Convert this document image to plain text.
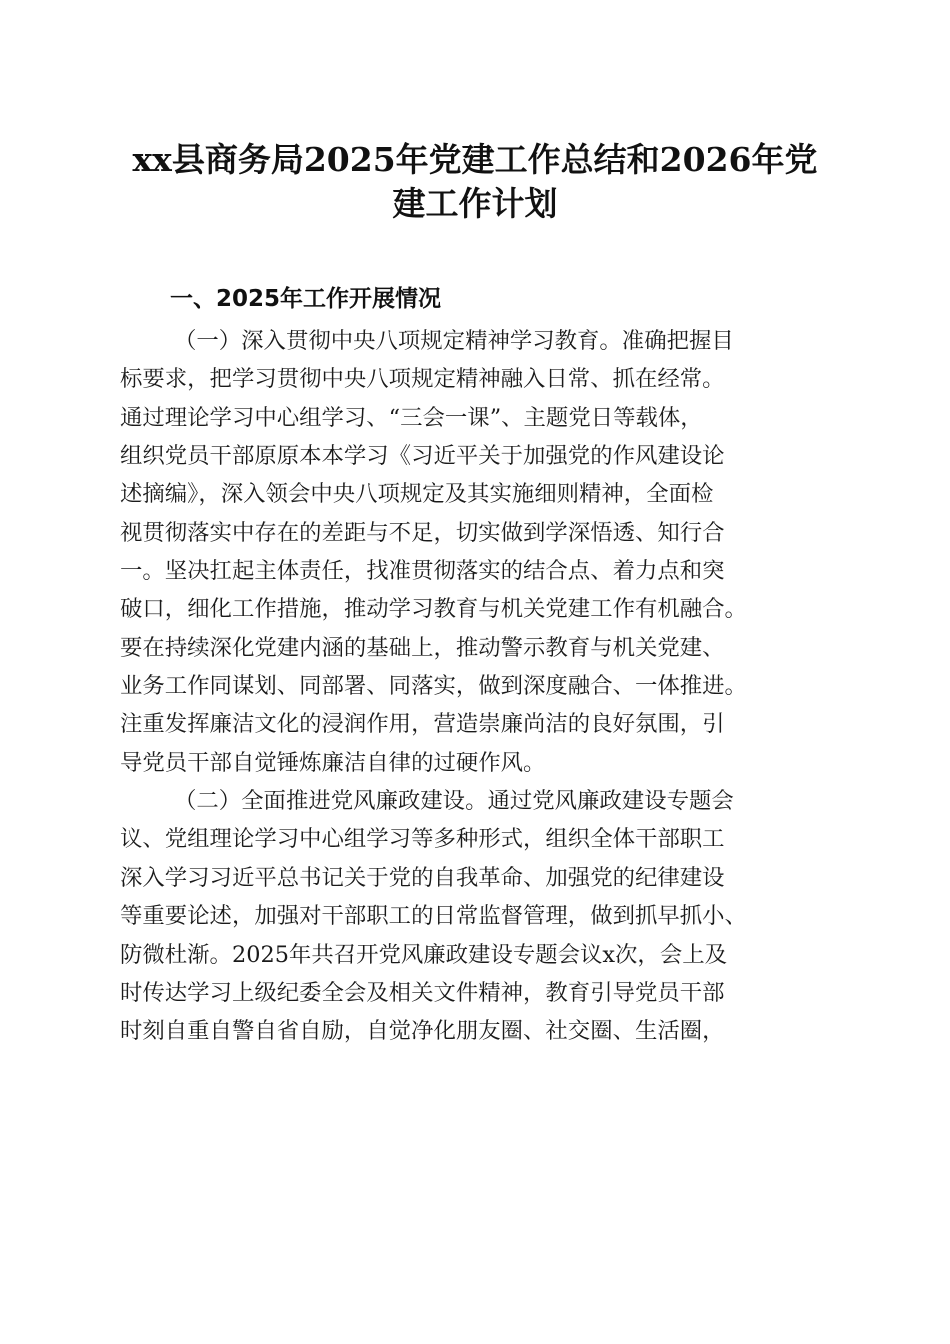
xx县商务局2025年党建工作总结和2026年党
建工作计划
一、2025年工作开展情况
（一）深入贯彻中央八项规定精神学习教育。准确把握目
标要求，把学习贯彻中央八项规定精神融入日常、抓在经常。
通过理论学习中心组学习、“三会一课”、主题党日等载体，
组织党员干部原原本本学习《习近平关于加强党的作风建设论
述摘编》，深入领会中央八项规定及其实施细则精神，全面检
视贯彻落实中存在的差距与不足，切实做到学深悟透、知行合
一。坚决扛起主体责任，找准贯彻落实的结合点、着力点和突
破口，细化工作措施，推动学习教育与机关党建工作有机融合。
要在持续深化党建内涵的基础上，推动警示教育与机关党建、
业务工作同谋划、同部署、同落实，做到深度融合、一体推进。
注重发挥廉洁文化的浸润作用，营造崇廉尚洁的良好氛围，引
导党员干部自觉锤炼廉洁自律的过硬作风。
（二）全面推进党风廉政建设。通过党风廉政建设专题会
议、党组理论学习中心组学习等多种形式，组织全体干部职工
深入学习习近平总书记关于党的自我革命、加强党的纪律建设
等重要论述，加强对干部职工的日常监督管理，做到抓早抓小、
防微杜渐。2025年共召开党风廉政建设专题会议x次，会上及
时传达学习上级纪委全会及相关文件精神，教育引导党员干部
时刻自重自警自省自励，自觉净化朋友圈、社交圈、生活圈，
